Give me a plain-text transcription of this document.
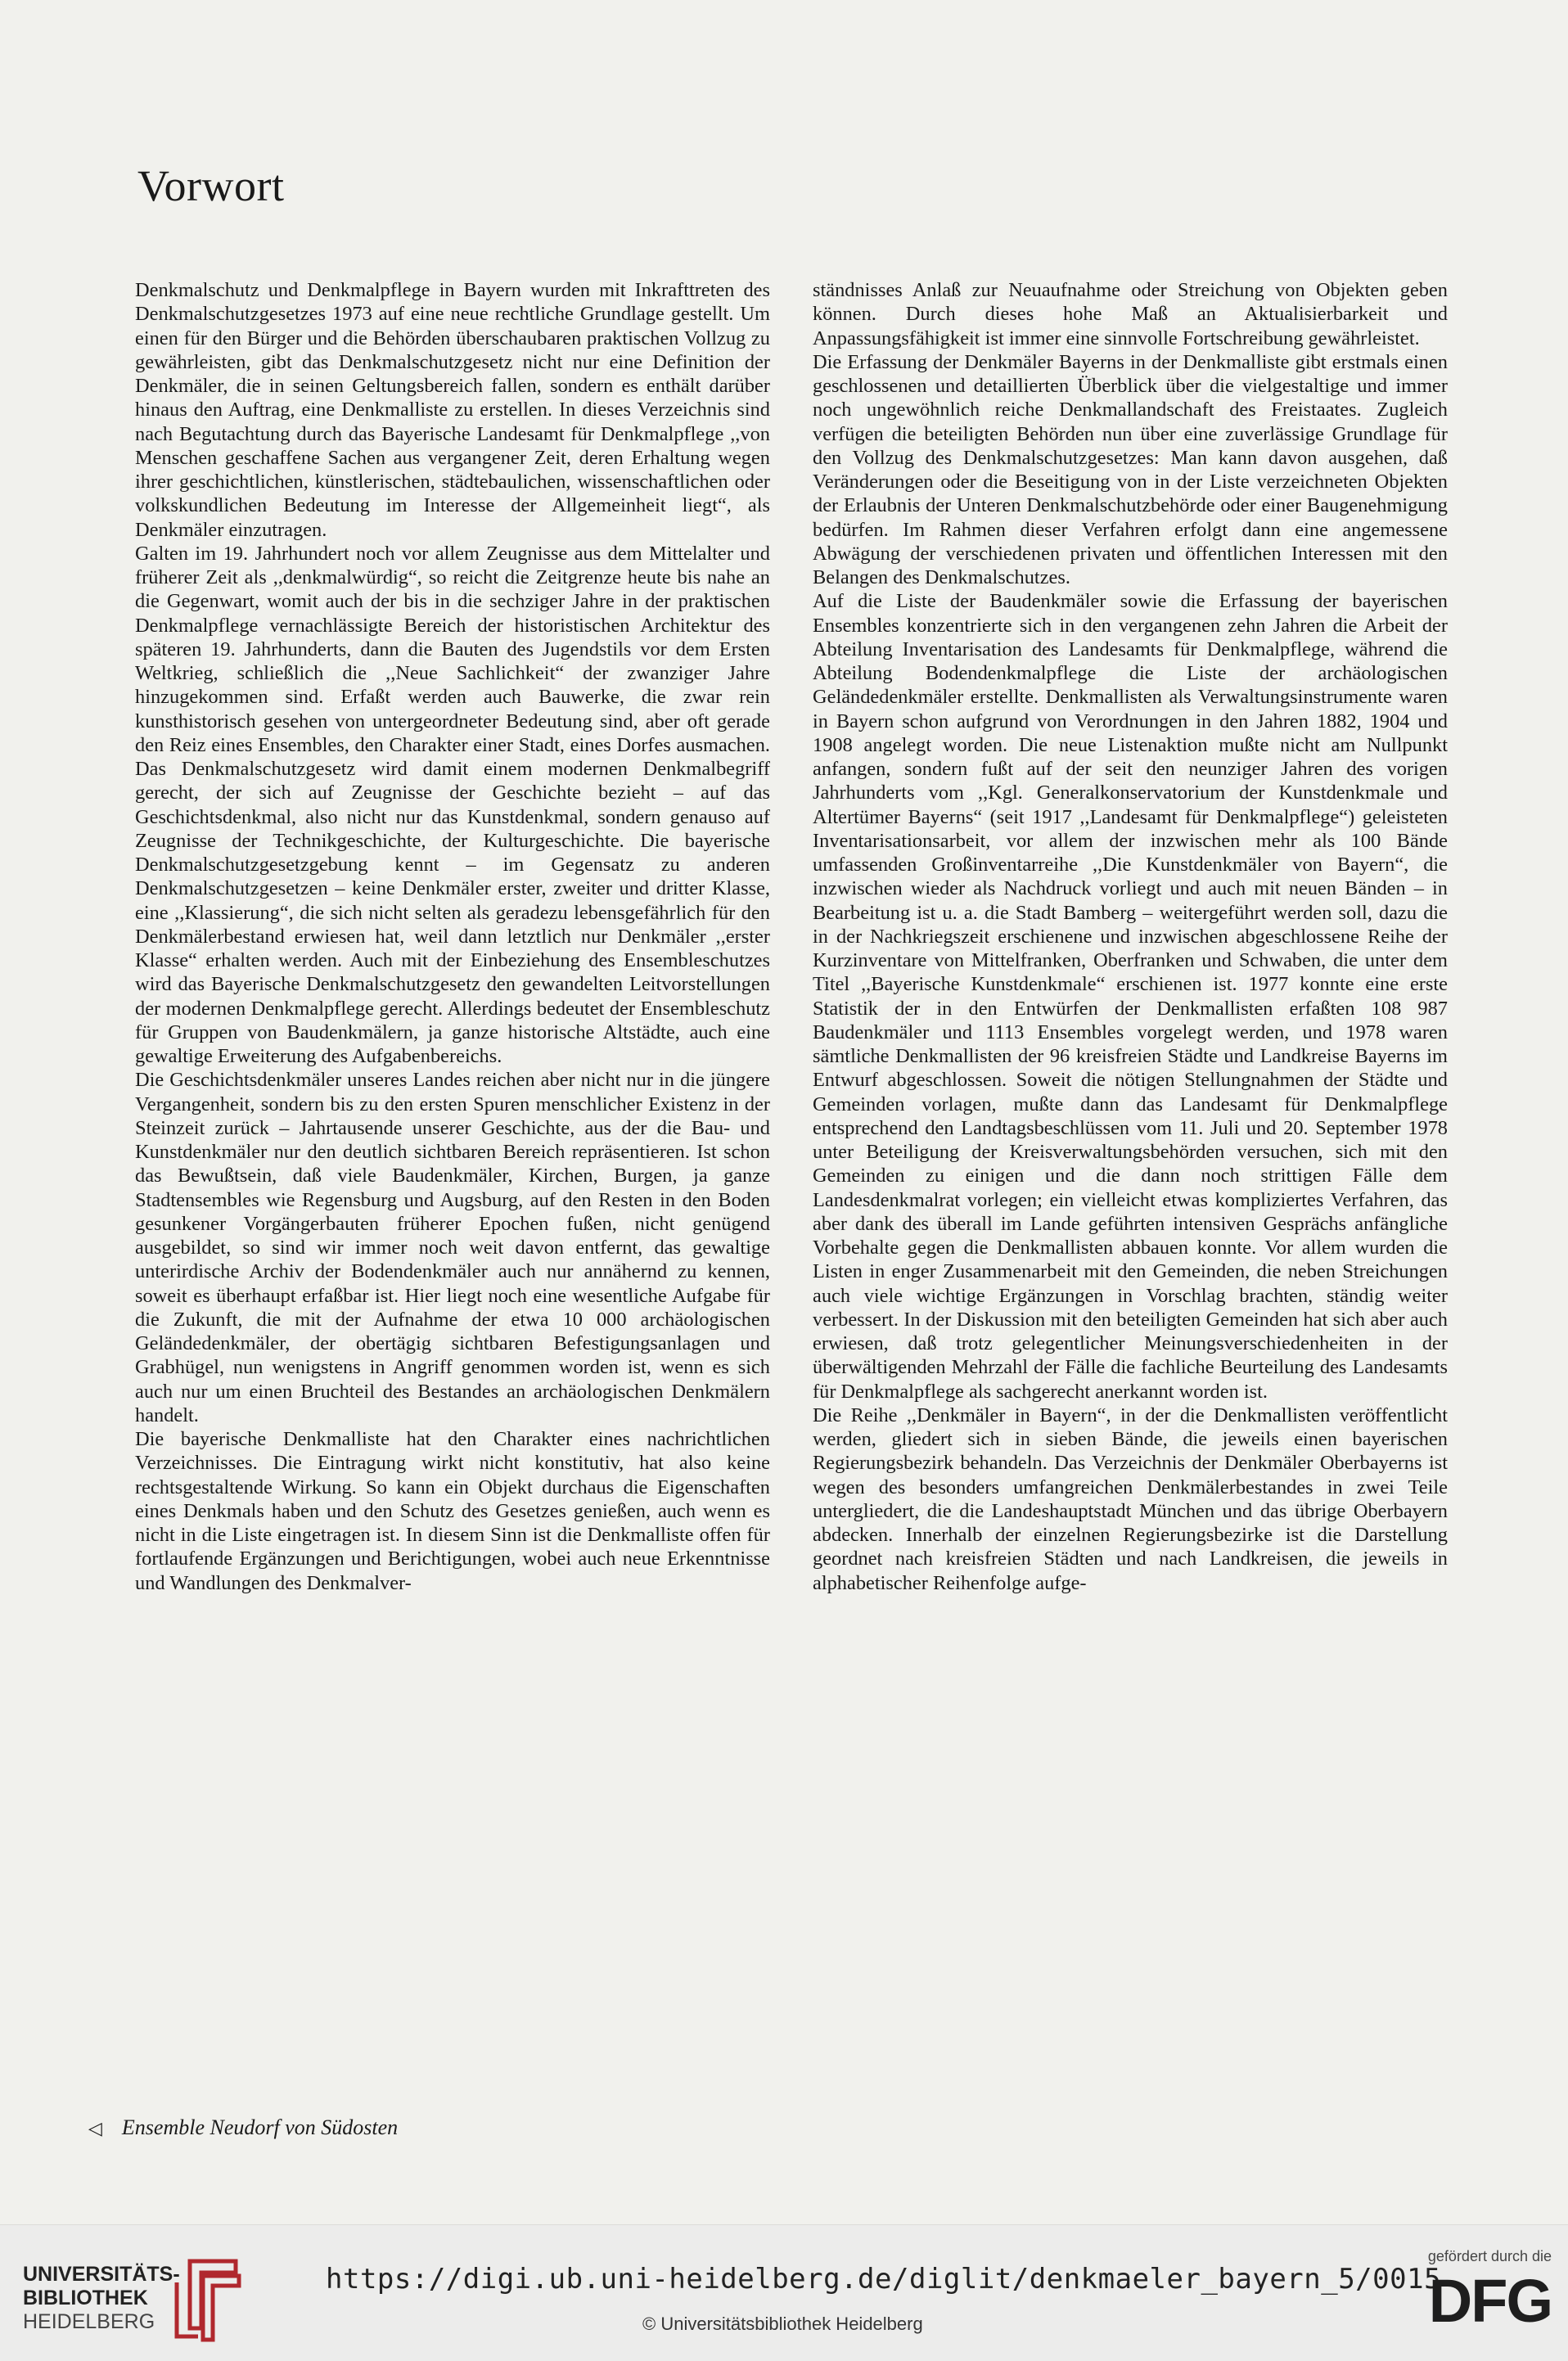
Vorwort

Denkmalschutz und Denkmalpflege in Bayern wurden mit Inkrafttreten des Denkmalschutzgesetzes 1973 auf eine neue rechtliche Grundlage gestellt. Um einen für den Bürger und die Behörden überschaubaren praktischen Vollzug zu gewährleisten, gibt das Denkmalschutzgesetz nicht nur eine Definition der Denkmäler, die in seinen Geltungsbereich fallen, sondern es enthält darüber hinaus den Auftrag, eine Denkmalliste zu erstellen. In dieses Verzeichnis sind nach Begutachtung durch das Bayerische Landesamt für Denkmalpflege ,,von Menschen geschaffene Sachen aus vergangener Zeit, deren Erhaltung wegen ihrer geschichtlichen, künstlerischen, städtebaulichen, wissenschaftlichen oder volkskundlichen Bedeutung im Interesse der Allgemeinheit liegt“, als Denkmäler einzutragen.

Galten im 19. Jahrhundert noch vor allem Zeugnisse aus dem Mittelalter und früherer Zeit als ,,denkmalwürdig“, so reicht die Zeitgrenze heute bis nahe an die Gegenwart, womit auch der bis in die sechziger Jahre in der praktischen Denkmalpflege vernachlässigte Bereich der historistischen Architektur des späteren 19. Jahrhunderts, dann die Bauten des Jugendstils vor dem Ersten Weltkrieg, schließlich die ,,Neue Sachlichkeit“ der zwanziger Jahre hinzugekommen sind. Erfaßt werden auch Bauwerke, die zwar rein kunsthistorisch gesehen von untergeordneter Bedeutung sind, aber oft gerade den Reiz eines Ensembles, den Charakter einer Stadt, eines Dorfes ausmachen. Das Denkmalschutzgesetz wird damit einem modernen Denkmalbegriff gerecht, der sich auf Zeugnisse der Geschichte bezieht – auf das Geschichtsdenkmal, also nicht nur das Kunstdenkmal, sondern genauso auf Zeugnisse der Technikgeschichte, der Kulturgeschichte. Die bayerische Denkmalschutzgesetzgebung kennt – im Gegensatz zu anderen Denkmalschutzgesetzen – keine Denkmäler erster, zweiter und dritter Klasse, eine ,,Klassierung“, die sich nicht selten als geradezu lebensgefährlich für den Denkmälerbestand erwiesen hat, weil dann letztlich nur Denkmäler ,,erster Klasse“ erhalten werden. Auch mit der Einbeziehung des Ensembleschutzes wird das Bayerische Denkmalschutzgesetz den gewandelten Leitvorstellungen der modernen Denkmalpflege gerecht. Allerdings bedeutet der Ensembleschutz für Gruppen von Baudenkmälern, ja ganze historische Altstädte, auch eine gewaltige Erweiterung des Aufgabenbereichs.

Die Geschichtsdenkmäler unseres Landes reichen aber nicht nur in die jüngere Vergangenheit, sondern bis zu den ersten Spuren menschlicher Existenz in der Steinzeit zurück – Jahrtausende unserer Geschichte, aus der die Bau- und Kunstdenkmäler nur den deutlich sichtbaren Bereich repräsentieren. Ist schon das Bewußtsein, daß viele Baudenkmäler, Kirchen, Burgen, ja ganze Stadtensembles wie Regensburg und Augsburg, auf den Resten in den Boden gesunkener Vorgängerbauten früherer Epochen fußen, nicht genügend ausgebildet, so sind wir immer noch weit davon entfernt, das gewaltige unterirdische Archiv der Bodendenkmäler auch nur annähernd zu kennen, soweit es überhaupt erfaßbar ist. Hier liegt noch eine wesentliche Aufgabe für die Zukunft, die mit der Aufnahme der etwa 10 000 archäologischen Geländedenkmäler, der obertägig sichtbaren Befestigungsanlagen und Grabhügel, nun wenigstens in Angriff genommen worden ist, wenn es sich auch nur um einen Bruchteil des Bestandes an archäologischen Denkmälern handelt.

Die bayerische Denkmalliste hat den Charakter eines nachrichtlichen Verzeichnisses. Die Eintragung wirkt nicht konstitutiv, hat also keine rechtsgestaltende Wirkung. So kann ein Objekt durchaus die Eigenschaften eines Denkmals haben und den Schutz des Gesetzes genießen, auch wenn es nicht in die Liste eingetragen ist. In diesem Sinn ist die Denkmalliste offen für fortlaufende Ergänzungen und Berichtigungen, wobei auch neue Erkenntnisse und Wandlungen des Denkmalver-

ständnisses Anlaß zur Neuaufnahme oder Streichung von Objekten geben können. Durch dieses hohe Maß an Aktualisierbarkeit und Anpassungsfähigkeit ist immer eine sinnvolle Fortschreibung gewährleistet.

Die Erfassung der Denkmäler Bayerns in der Denkmalliste gibt erstmals einen geschlossenen und detaillierten Überblick über die vielgestaltige und immer noch ungewöhnlich reiche Denkmallandschaft des Freistaates. Zugleich verfügen die beteiligten Behörden nun über eine zuverlässige Grundlage für den Vollzug des Denkmalschutzgesetzes: Man kann davon ausgehen, daß Veränderungen oder die Beseitigung von in der Liste verzeichneten Objekten der Erlaubnis der Unteren Denkmalschutzbehörde oder einer Baugenehmigung bedürfen. Im Rahmen dieser Verfahren erfolgt dann eine angemessene Abwägung der verschiedenen privaten und öffentlichen Interessen mit den Belangen des Denkmalschutzes.

Auf die Liste der Baudenkmäler sowie die Erfassung der bayerischen Ensembles konzentrierte sich in den vergangenen zehn Jahren die Arbeit der Abteilung Inventarisation des Landesamts für Denkmalpflege, während die Abteilung Bodendenkmalpflege die Liste der archäologischen Geländedenkmäler erstellte. Denkmallisten als Verwaltungsinstrumente waren in Bayern schon aufgrund von Verordnungen in den Jahren 1882, 1904 und 1908 angelegt worden. Die neue Listenaktion mußte nicht am Nullpunkt anfangen, sondern fußt auf der seit den neunziger Jahren des vorigen Jahrhunderts vom ,,Kgl. Generalkonservatorium der Kunstdenkmale und Altertümer Bayerns“ (seit 1917 ,,Landesamt für Denkmalpflege“) geleisteten Inventarisationsarbeit, vor allem der inzwischen mehr als 100 Bände umfassenden Großinventarreihe ,,Die Kunstdenkmäler von Bayern“, die inzwischen wieder als Nachdruck vorliegt und auch mit neuen Bänden – in Bearbeitung ist u. a. die Stadt Bamberg – weitergeführt werden soll, dazu die in der Nachkriegszeit erschienene und inzwischen abgeschlossene Reihe der Kurzinventare von Mittelfranken, Oberfranken und Schwaben, die unter dem Titel ,,Bayerische Kunstdenkmale“ erschienen ist. 1977 konnte eine erste Statistik der in den Entwürfen der Denkmallisten erfaßten 108 987 Baudenkmäler und 1113 Ensembles vorgelegt werden, und 1978 waren sämtliche Denkmallisten der 96 kreisfreien Städte und Landkreise Bayerns im Entwurf abgeschlossen. Soweit die nötigen Stellungnahmen der Städte und Gemeinden vorlagen, mußte dann das Landesamt für Denkmalpflege entsprechend den Landtagsbeschlüssen vom 11. Juli und 20. September 1978 unter Beteiligung der Kreisverwaltungsbehörden versuchen, sich mit den Gemeinden zu einigen und die dann noch strittigen Fälle dem Landesdenkmalrat vorlegen; ein vielleicht etwas kompliziertes Verfahren, das aber dank des überall im Lande geführten intensiven Gesprächs anfängliche Vorbehalte gegen die Denkmallisten abbauen konnte. Vor allem wurden die Listen in enger Zusammenarbeit mit den Gemeinden, die neben Streichungen auch viele wichtige Ergänzungen in Vorschlag brachten, ständig weiter verbessert. In der Diskussion mit den beteiligten Gemeinden hat sich aber auch erwiesen, daß trotz gelegentlicher Meinungsverschiedenheiten in der überwältigenden Mehrzahl der Fälle die fachliche Beurteilung des Landesamts für Denkmalpflege als sachgerecht anerkannt worden ist.

Die Reihe ,,Denkmäler in Bayern“, in der die Denkmallisten veröffentlicht werden, gliedert sich in sieben Bände, die jeweils einen bayerischen Regierungsbezirk behandeln. Das Verzeichnis der Denkmäler Oberbayerns ist wegen des besonders umfangreichen Denkmälerbestandes in zwei Teile untergliedert, die die Landeshauptstadt München und das übrige Oberbayern abdecken. Innerhalb der einzelnen Regierungsbezirke ist die Darstellung geordnet nach kreisfreien Städten und nach Landkreisen, die jeweils in alphabetischer Reihenfolge aufge-

◁ Ensemble Neudorf von Südosten
UNIVERSITÄTS-
BIBLIOTHEK
HEIDELBERG
https://digi.ub.uni-heidelberg.de/diglit/denkmaeler_bayern_5/0015
© Universitätsbibliothek Heidelberg
gefördert durch die
DFG
